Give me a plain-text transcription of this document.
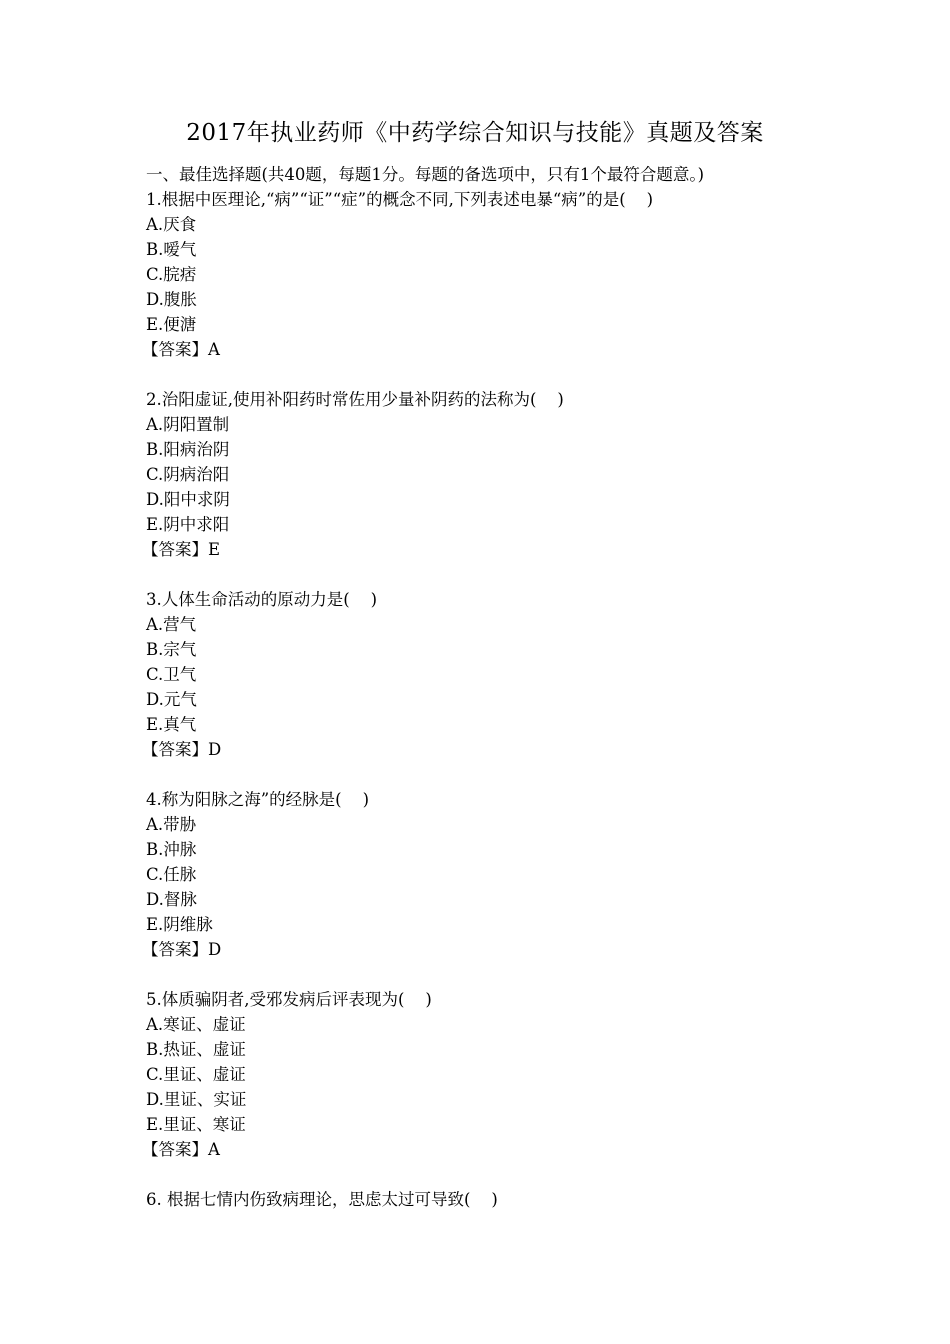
2017年执业药师《中药学综合知识与技能》真题及答案
一、最佳选择题(共40题，每题1分。每题的备选项中，只有1个最符合题意。)
1.根据中医理论,“病”“证”“症”的概念不同,下列表述电暴“病”的是(    )
A.厌食
B.嗳气
C.脘痞
D.腹胀
E.便溏
【答案】A
2.治阳虚证,使用补阳药时常佐用少量补阴药的法称为(    )
A.阴阳置制
B.阳病治阴
C.阴病治阳
D.阳中求阴
E.阴中求阳
【答案】E
3.人体生命活动的原动力是(    )
A.营气
B.宗气
C.卫气
D.元气
E.真气
【答案】D
4.称为阳脉之海”的经脉是(    )
A.带胁
B.沖脉
C.任脉
D.督脉
E.阴维脉
【答案】D
5.体质骗阴者,受邪发病后评表现为(    )
A.寒证、虚证
B.热证、虚证
C.里证、虚证
D.里证、实证
E.里证、寒证
【答案】A
6. 根据七情内伤致病理论，思虑太过可导致(    )
